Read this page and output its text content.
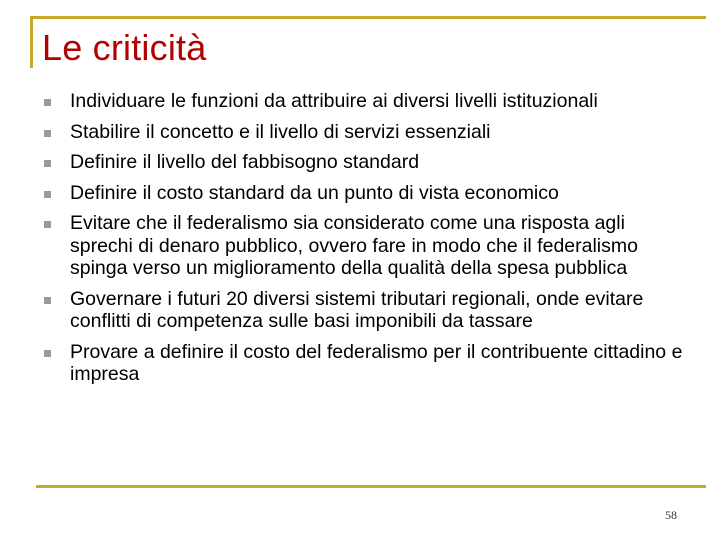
Le criticità
Individuare le funzioni da attribuire ai diversi livelli istituzionali
Stabilire il concetto e il livello di servizi essenziali
Definire il livello del fabbisogno standard
Definire il costo standard da un punto di vista economico
Evitare che il federalismo sia considerato come una risposta agli sprechi di denaro pubblico, ovvero fare in modo che il federalismo spinga verso un miglioramento della qualità della spesa pubblica
Governare i futuri 20 diversi sistemi tributari regionali, onde evitare conflitti di competenza sulle basi imponibili da tassare
Provare a definire il costo del federalismo per il contribuente cittadino e impresa
58
